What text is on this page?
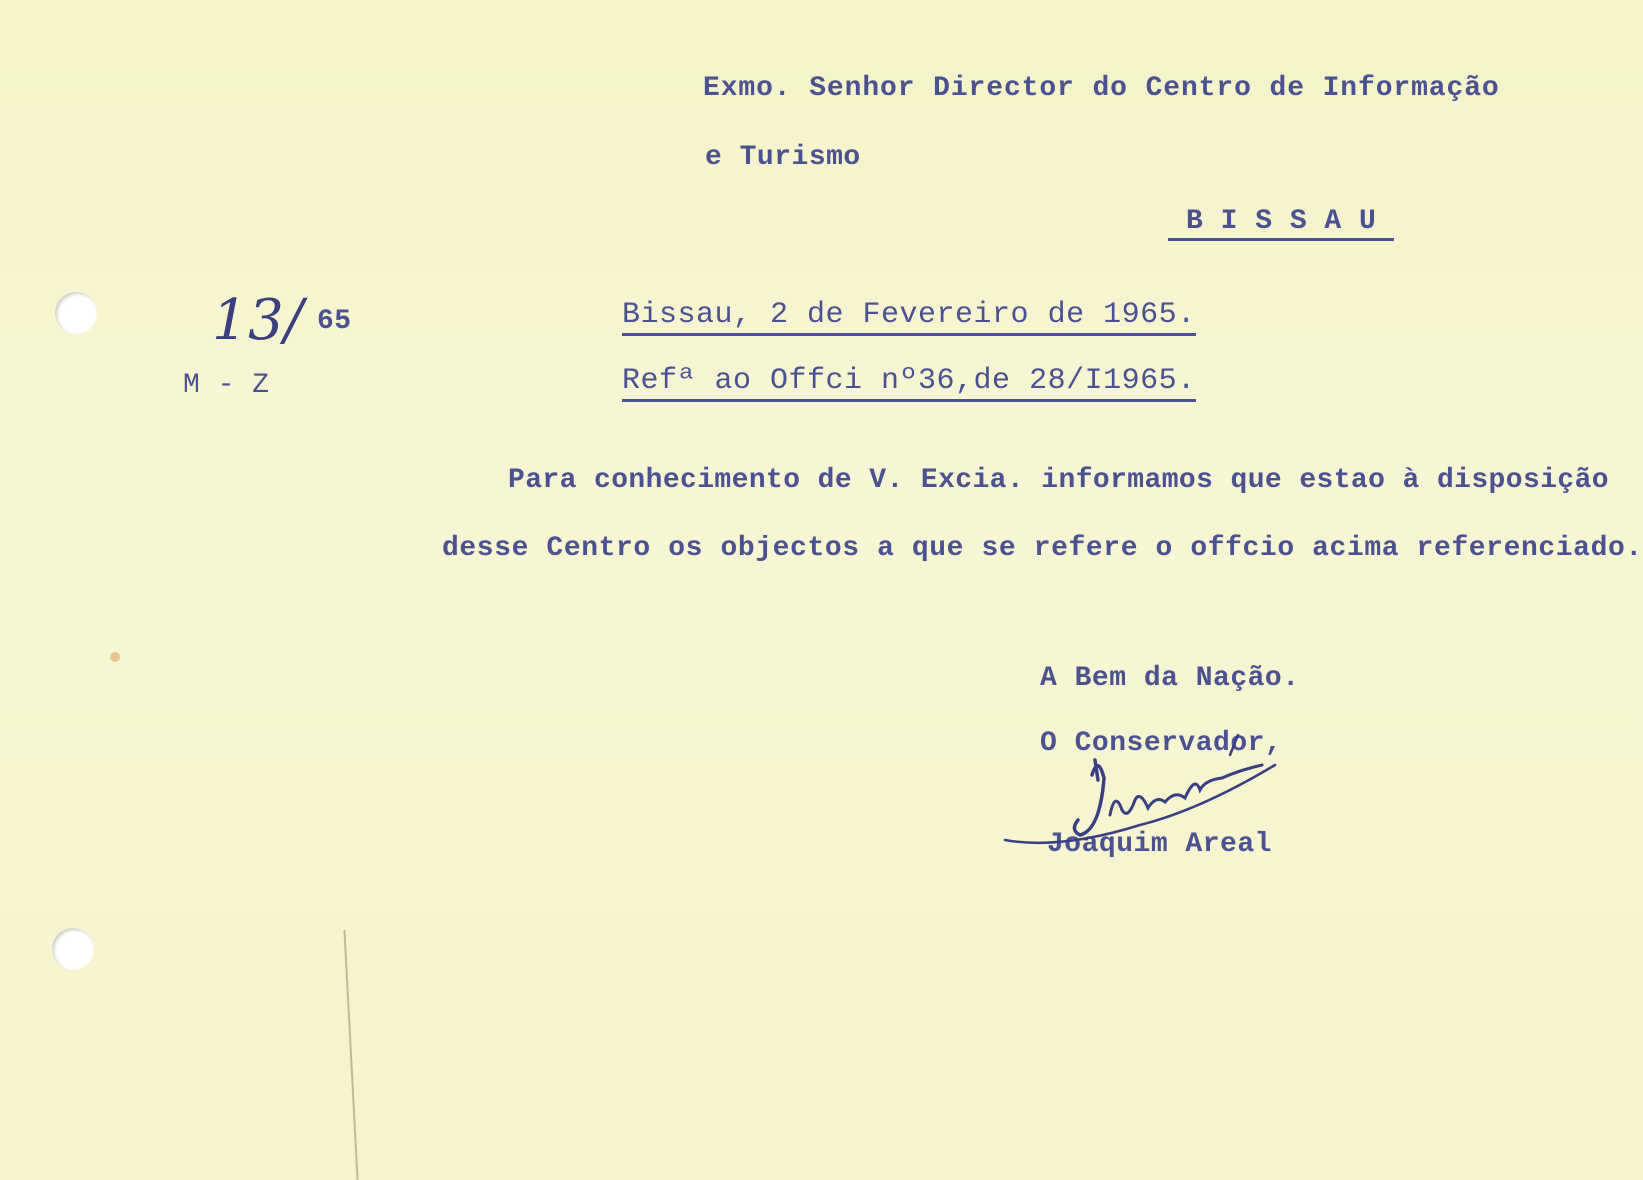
Exmo. Senhor Director do Centro de Informação
e Turismo
B I S S A U
13/ 65
M - Z
Bissau, 2 de Fevereiro de 1965.
Refª ao Offci nº36,de 28/I1965.
Para conhecimento de V. Excia. informamos que estao à disposição
desse Centro os objectos a que se refere o offcio acima referenciado.
A Bem da Nação.
O Conservador,
Joaquim Areal
